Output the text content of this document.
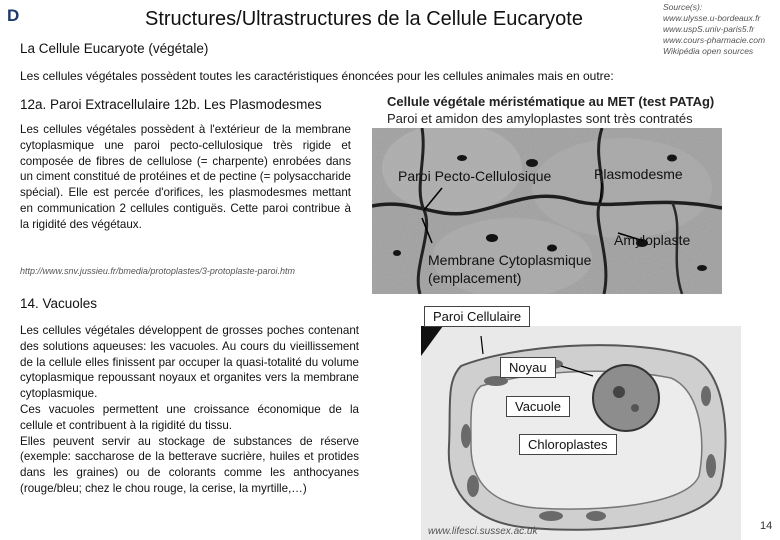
D	Structures/Ultrastructures de la Cellule Eucaryote
Source(s):
www.ulysse.u-bordeaux.fr
www.uspS.univ-paris5.fr
www.cours-pharmacie.com
Wikipédia open sources
La Cellule Eucaryote (végétale)
Les cellules végétales possèdent toutes les caractéristiques énoncées pour les cellules animales mais en outre:
12a. Paroi Extracellulaire 12b. Les Plasmodesmes
Les cellules végétales possèdent à l'extérieur de la membrane cytoplasmique une paroi pecto-cellulosique très rigide et composée de fibres de cellulose (= charpente) enrobées dans un ciment constitué de protéines et de pectine (= polysaccharide spécial). Elle est percée d'orifices, les plasmodesmes mettant en communication 2 cellules contiguës. Cette paroi contribue à la rigidité des végétaux.
http://www.snv.jussieu.fr/bmedia/protoplastes/3-protoplaste-paroi.htm
14. Vacuoles
Les cellules végétales développent de grosses poches contenant des solutions aqueuses: les vacuoles. Au cours du vieillissement de la cellule elles finissent par occuper la quasi-totalité du volume cytoplasmique repoussant noyaux et organites vers la membrane cytoplasmique.
Ces vacuoles permettent une croissance économique de la cellule et contribuent à la rigidité du tissu.
Elles peuvent servir au stockage de substances de réserve (exemple: saccharose de la betterave sucrière, huiles et protides dans les graines) ou de colorants comme les anthocyanes (rouge/bleu; chez le chou rouge, la cerise, la myrtille,…)
Cellule végétale méristématique au MET (test PATAg)
Paroi et amidon des amyloplastes sont très contratés
Paroi Pecto-Cellulosique	Plasmodesme
Amyloplaste
Membrane Cytoplasmique
(emplacement)
Paroi Cellulaire
Noyau
Vacuole
Chloroplastes
www.lifesci.sussex.ac.uk	14
